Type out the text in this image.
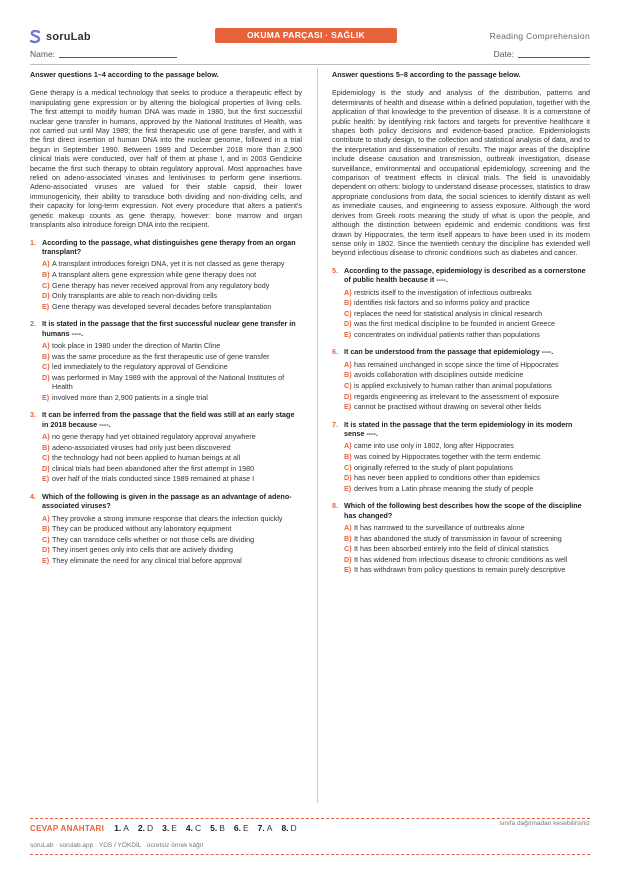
soruLab	OKUMA PARÇASI · SAĞLIK	Reading Comprehension
Name:	Date:
Answer questions 1–4 according to the passage below.
Gene therapy is a medical technology that seeks to produce a therapeutic effect by manipulating gene expression or by altering the biological properties of living cells. The first attempt to modify human DNA was made in 1980, but the first successful nuclear gene transfer in humans, approved by the National Institutes of Health, was not carried out until May 1989; the first therapeutic use of gene transfer, and with it the first direct insertion of human DNA into the nuclear genome, followed in a trial begun in September 1990. Between 1989 and December 2018 more than 2,900 clinical trials were conducted, over half of them at phase I, and in 2003 Gendicine became the first such therapy to obtain regulatory approval. Most approaches have relied on adeno-associated viruses and lentiviruses to perform gene insertions. Adeno-associated viruses are valued for their stable capsid, their lower immunogenicity, their ability to transduce both dividing and non-dividing cells, and their capacity for long-term expression. Not every procedure that alters a patient's genetic makeup counts as gene therapy, however: bone marrow and organ transplants also introduce foreign DNA into the recipient.
1. According to the passage, what distinguishes gene therapy from an organ transplant?
A) A transplant introduces foreign DNA, yet it is not classed as gene therapy
B) A transplant alters gene expression while gene therapy does not
C) Gene therapy has never received approval from any regulatory body
D) Only transplants are able to reach non-dividing cells
E) Gene therapy was developed several decades before transplantation
2. It is stated in the passage that the first successful nuclear gene transfer in humans ----.
A) took place in 1980 under the direction of Martin Cline
B) was the same procedure as the first therapeutic use of gene transfer
C) led immediately to the regulatory approval of Gendicine
D) was performed in May 1989 with the approval of the National Institutes of Health
E) involved more than 2,900 patients in a single trial
3. It can be inferred from the passage that the field was still at an early stage in 2018 because ----.
A) no gene therapy had yet obtained regulatory approval anywhere
B) adeno-associated viruses had only just been discovered
C) the technology had not been applied to human beings at all
D) clinical trials had been abandoned after the first attempt in 1980
E) over half of the trials conducted since 1989 remained at phase I
4. Which of the following is given in the passage as an advantage of adeno-associated viruses?
A) They provoke a strong immune response that clears the infection quickly
B) They can be produced without any laboratory equipment
C) They can transduce cells whether or not those cells are dividing
D) They insert genes only into cells that are actively dividing
E) They eliminate the need for any clinical trial before approval
Answer questions 5–8 according to the passage below.
Epidemiology is the study and analysis of the distribution, patterns and determinants of health and disease within a defined population, together with the application of that knowledge to the prevention of disease. It is a cornerstone of public health: by identifying risk factors and targets for preventive healthcare it shapes both policy decisions and evidence-based practice. Epidemiologists contribute to study design, to the collection and statistical analysis of data, and to the interpretation and dissemination of results. The major areas of the discipline include disease causation and transmission, outbreak investigation, disease surveillance, environmental and occupational epidemiology, screening and the comparison of treatment effects in clinical trials. The field is unavoidably dependent on others: biology to understand disease processes, statistics to draw appropriate conclusions from data, the social sciences to identify distant as well as immediate causes, and engineering to assess exposure. Although the word derives from Greek roots meaning the study of what is upon the people, and although the distinction between epidemic and endemic conditions was first drawn by Hippocrates, the term itself appears to have been used in its modern sense only in 1802. Since the twentieth century the discipline has extended well beyond infectious disease to chronic conditions such as diabetes and cancer.
5. According to the passage, epidemiology is described as a cornerstone of public health because it ----.
A) restricts itself to the investigation of infectious outbreaks
B) identifies risk factors and so informs policy and practice
C) replaces the need for statistical analysis in clinical research
D) was the first medical discipline to be founded in ancient Greece
E) concentrates on individual patients rather than populations
6. It can be understood from the passage that epidemiology ----.
A) has remained unchanged in scope since the time of Hippocrates
B) avoids collaboration with disciplines outside medicine
C) is applied exclusively to human rather than animal populations
D) regards engineering as irrelevant to the assessment of exposure
E) cannot be practised without drawing on several other fields
7. It is stated in the passage that the term epidemiology in its modern sense ----.
A) came into use only in 1802, long after Hippocrates
B) was coined by Hippocrates together with the term endemic
C) originally referred to the study of plant populations
D) has never been applied to conditions other than epidemics
E) derives from a Latin phrase meaning the study of people
8. Which of the following best describes how the scope of the discipline has changed?
A) It has narrowed to the surveillance of outbreaks alone
B) It has abandoned the study of transmission in favour of screening
C) It has been absorbed entirely into the field of clinical statistics
D) It has widened from infectious disease to chronic conditions as well
E) It has withdrawn from policy questions to remain purely descriptive
CEVAP ANAHTARI 1. A 2. D 3. E 4. C 5. B 6. E 7. A 8. D	sınıfa dağıtmadan kesebilirsiniz
soruLab · sorulab.app · YDS / YÖKDİL · ücretsiz örnek kâğıt
